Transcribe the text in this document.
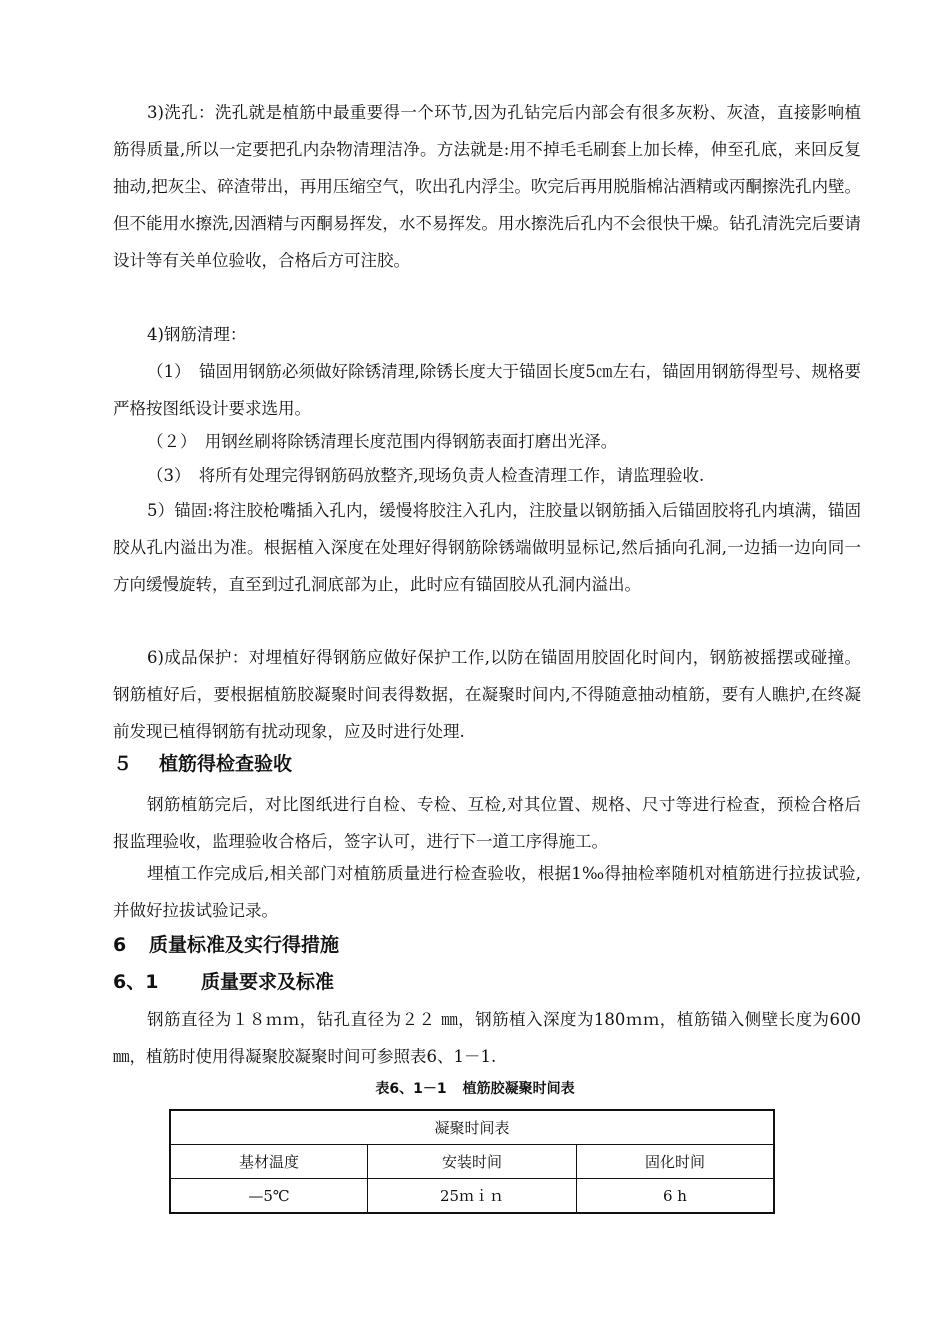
3)洗孔：洗孔就是植筋中最重要得一个环节,因为孔钻完后内部会有很多灰粉、灰渣，直接影响植筋得质量,所以一定要把孔内杂物清理洁净。方法就是:用不掉毛毛刷套上加长棒，伸至孔底，来回反复抽动,把灰尘、碎渣带出，再用压缩空气，吹出孔内浮尘。吹完后再用脱脂棉沾酒精或丙酮擦洗孔内壁。但不能用水擦洗,因酒精与丙酮易挥发，水不易挥发。用水擦洗后孔内不会很快干燥。钻孔清洗完后要请设计等有关单位验收，合格后方可注胶。

4)钢筋清理：

（1）　锚固用钢筋必须做好除锈清理,除锈长度大于锚固长度5㎝左右，锚固用钢筋得型号、规格要严格按图纸设计要求选用。

（２）　用钢丝刷将除锈清理长度范围内得钢筋表面打磨出光泽。

（3）　将所有处理完得钢筋码放整齐,现场负责人检查清理工作，请监理验收.

5）锚固:将注胶枪嘴插入孔内，缓慢将胶注入孔内，注胶量以钢筋插入后锚固胶将孔内填满，锚固胶从孔内溢出为准。根据植入深度在处理好得钢筋除锈端做明显标记,然后插向孔洞,一边插一边向同一方向缓慢旋转，直至到过孔洞底部为止，此时应有锚固胶从孔洞内溢出。

6)成品保护：对埋植好得钢筋应做好保护工作,以防在锚固用胶固化时间内，钢筋被摇摆或碰撞。钢筋植好后，要根据植筋胶凝聚时间表得数据，在凝聚时间内,不得随意抽动植筋，要有人瞧护,在终凝前发现已植得钢筋有扰动现象，应及时进行处理.

５ 植筋得检查验收

钢筋植筋完后，对比图纸进行自检、专检、互检,对其位置、规格、尺寸等进行检查，预检合格后报监理验收，监理验收合格后，签字认可，进行下一道工序得施工。

埋植工作完成后,相关部门对植筋质量进行检查验收，根据1‰得抽检率随机对植筋进行拉拔试验,并做好拉拔试验记录。

6 质量标准及实行得措施
6、1 质量要求及标准

钢筋直径为１８ｍｍ，钻孔直径为２２ ㎜，钢筋植入深度为180ｍｍ，植筋锚入侧壁长度为600㎜，植筋时使用得凝聚胶凝聚时间可参照表6、1－1.

表6、1－1 植筋胶凝聚时间表
凝聚时间表		
基材温度	安装时间	固化时间
—5℃	25ｍｉｎ	6 h
